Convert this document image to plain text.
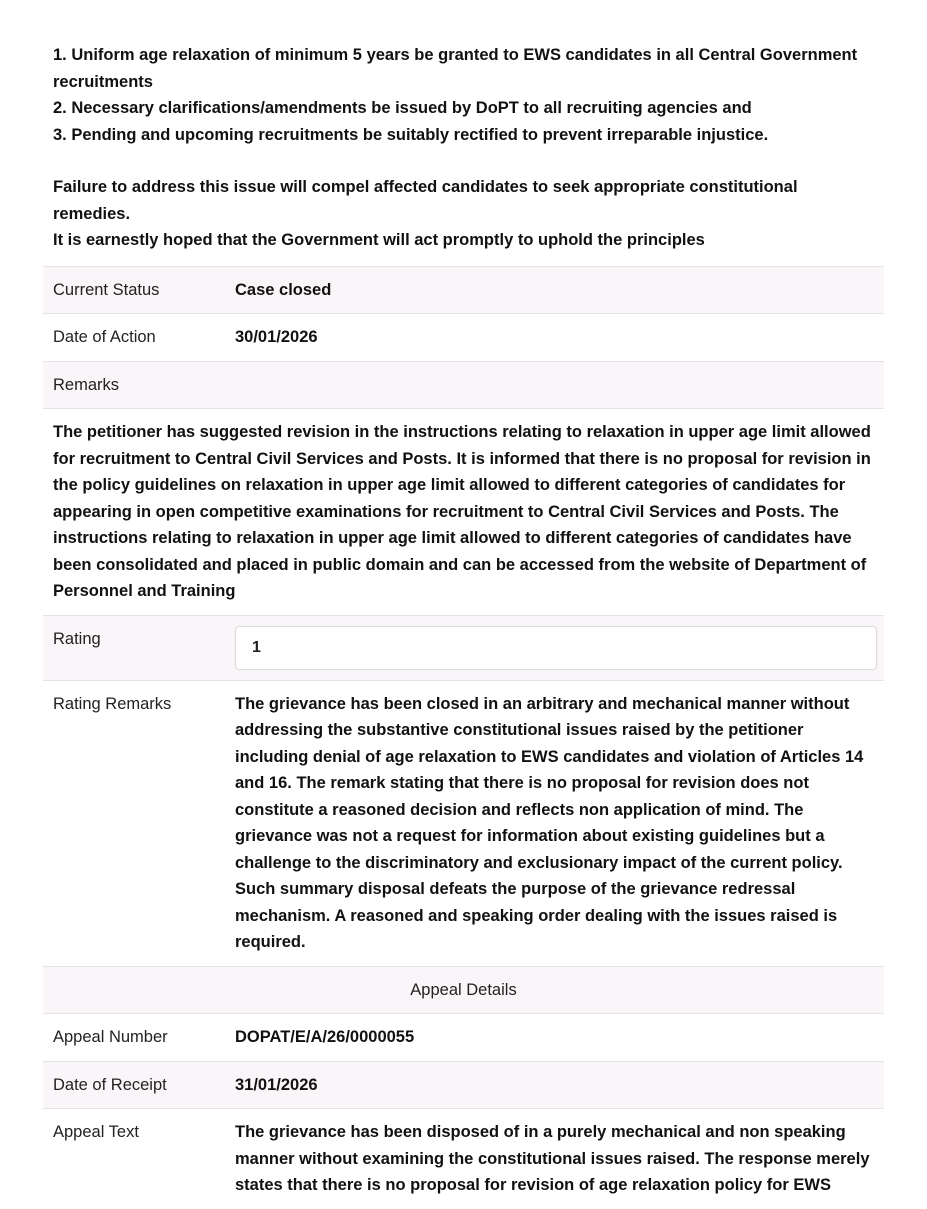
1. Uniform age relaxation of minimum 5 years be granted to EWS candidates in all Central Government recruitments

2. Necessary clarifications/amendments be issued by DoPT to all recruiting agencies and

3. Pending and upcoming recruitments be suitably rectified to prevent irreparable injustice.

Failure to address this issue will compel affected candidates to seek appropriate constitutional remedies.

It is earnestly hoped that the Government will act promptly to uphold the principles

Current Status	Case closed
Date of Action	30/01/2026
Remarks
The petitioner has suggested revision in the instructions relating to relaxation in upper age limit allowed for recruitment to Central Civil Services and Posts. It is informed that there is no proposal for revision in the policy guidelines on relaxation in upper age limit allowed to different categories of candidates for appearing in open competitive examinations for recruitment to Central Civil Services and Posts. The instructions relating to relaxation in upper age limit allowed to different categories of candidates have been consolidated and placed in public domain and can be accessed from the website of Department of Personnel and Training
Rating	1
Rating Remarks	The grievance has been closed in an arbitrary and mechanical manner without addressing the substantive constitutional issues raised by the petitioner including denial of age relaxation to EWS candidates and violation of Articles 14 and 16. The remark stating that there is no proposal for revision does not constitute a reasoned decision and reflects non application of mind. The grievance was not a request for information about existing guidelines but a challenge to the discriminatory and exclusionary impact of the current policy. Such summary disposal defeats the purpose of the grievance redressal mechanism. A reasoned and speaking order dealing with the issues raised is required.
Appeal Details
Appeal Number	DOPAT/E/A/26/0000055
Date of Receipt	31/01/2026
Appeal Text	The grievance has been disposed of in a purely mechanical and non speaking manner without examining the constitutional issues raised. The response merely states that there is no proposal for revision of age relaxation policy for EWS
